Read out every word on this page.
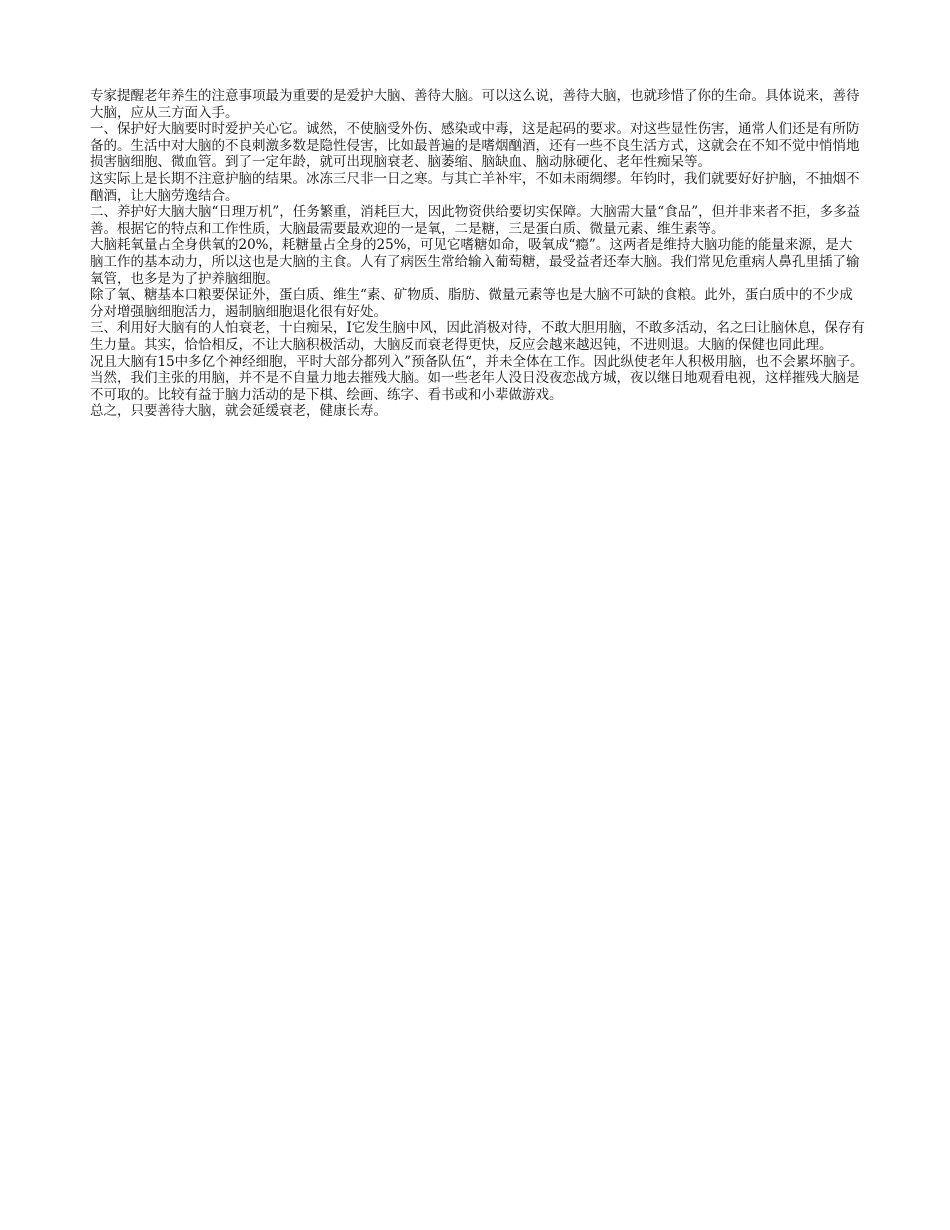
专家提醒老年养生的注意事项最为重要的是爱护大脑、善待大脑。可以这么说，善待大脑，也就珍惜了你的生命。具体说来，善待大脑，应从三方面入手。

一、保护好大脑要时时爱护关心它。诚然，不使脑受外伤、感染或中毒，这是起码的要求。对这些显性伤害，通常人们还是有所防备的。生活中对大脑的不良刺激多数是隐性侵害，比如最普遍的是嗜烟酗酒，还有一些不良生活方式，这就会在不知不觉中悄悄地损害脑细胞、微血管。到了一定年龄，就可出现脑衰老、脑萎缩、脑缺血、脑动脉硬化、老年性痴呆等。

这实际上是长期不注意护脑的结果。冰冻三尺非一日之寒。与其亡羊补牢，不如未雨绸缪。年钧时，我们就要好好护脑，不抽烟不酗酒，让大脑劳逸结合。

二、养护好大脑大脑“日理万机”，任务繁重，消耗巨大，因此物资供给要切实保障。大脑需大量“食品”，但并非来者不拒，多多益善。根据它的特点和工作性质，大脑最需要最欢迎的一是氧，二是糖，三是蛋白质、微量元素、维生素等。

大脑耗氧量占全身供氧的20%，耗糖量占全身的25%，可见它嗜糖如命，吸氧成“瘾”。这两者是维持大脑功能的能量来源，是大脑工作的基本动力，所以这也是大脑的主食。人有了病医生常给输入葡萄糖，最受益者还奉大脑。我们常见危重病人鼻孔里插了输氧管，也多是为了护养脑细胞。

除了氧、糖基本口粮要保证外，蛋白质、维生“素、矿物质、脂肪、微量元素等也是大脑不可缺的食粮。此外，蛋白质中的不少成分对增强脑细胞活力，遏制脑细胞退化很有好处。

三、利用好大脑有的人怕衰老，十白痴呆，I它发生脑中风，因此消极对待，不敢大胆用脑，不敢多活动，名之曰让脑休息，保存有生力量。其实，恰恰相反，不让大脑积极活动，大脑反而衰老得更快，反应会越来越迟钝，不进则退。大脑的保健也同此理。

况且大脑有15中多亿个神经细胞，平时大部分都列入”预备队伍“，并未全体在工作。因此纵使老年人积极用脑，也不会累坏脑子。当然，我们主张的用脑，并不是不自量力地去摧残大脑。如一些老年人没日没夜恋战方城，夜以继日地观看电视，这样摧残大脑是不可取的。比较有益于脑力活动的是下棋、绘画、练字、看书或和小辈做游戏。

总之，只要善待大脑，就会延缓衰老，健康长寿。
